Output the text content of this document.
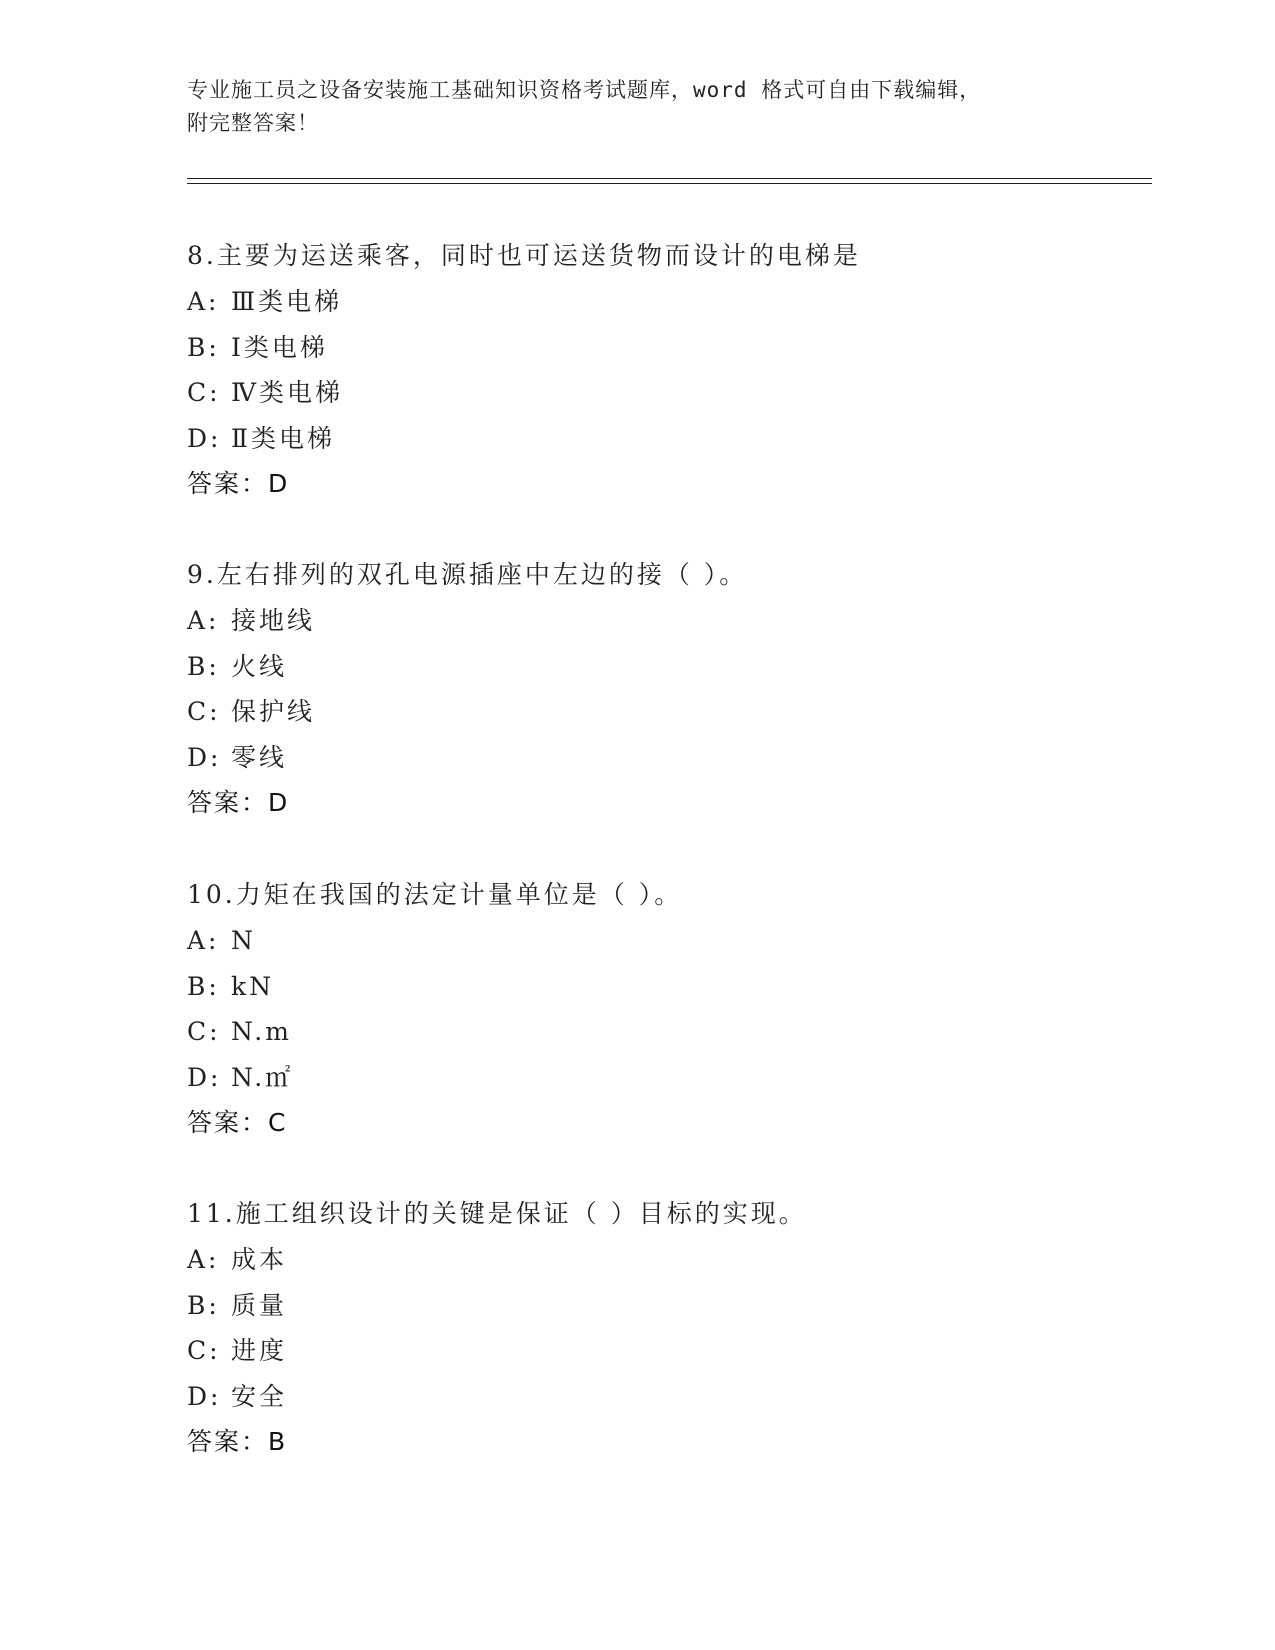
专业施工员之设备安装施工基础知识资格考试题库，word 格式可自由下载编辑，
附完整答案！
8.主要为运送乘客，同时也可运送货物而设计的电梯是
A: Ⅲ类电梯
B: Ⅰ类电梯
C: Ⅳ类电梯
D: Ⅱ类电梯
答案：D
9.左右排列的双孔电源插座中左边的接（ ）。
A: 接地线
B: 火线
C: 保护线
D: 零线
答案：D
10.力矩在我国的法定计量单位是（ ）。
A: N
B: kN
C: N.m
D: N.㎡
答案：C
11.施工组织设计的关键是保证（ ）目标的实现。
A: 成本
B: 质量
C: 进度
D: 安全
答案：B
